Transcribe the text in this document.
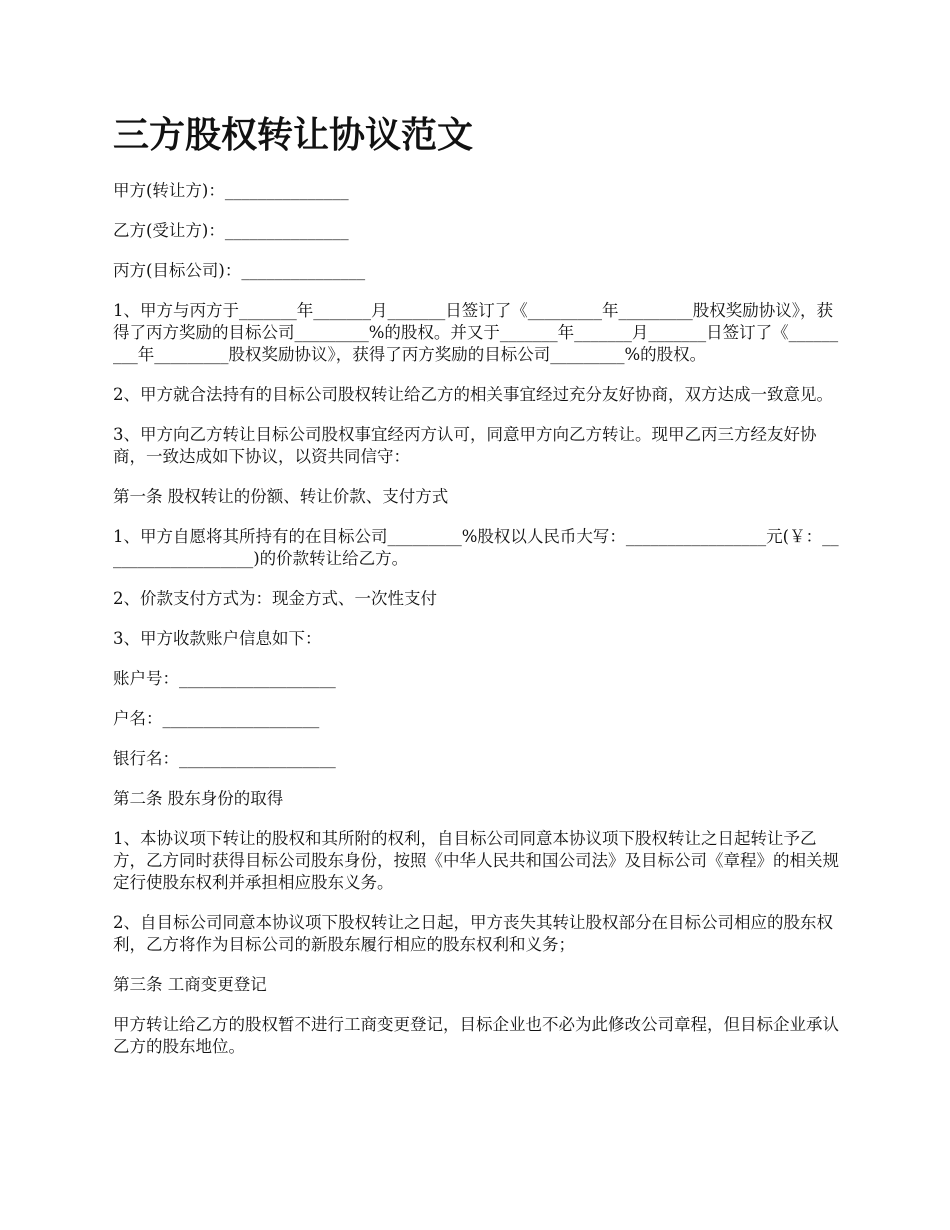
三方股权转让协议范文

甲方(转让方)：_______________

乙方(受让方)：_______________

丙方(目标公司)：_______________

1、甲方与丙方于_______年_______月_______日签订了《_________年_________股权奖励协议》，获得了丙方奖励的目标公司_________%的股权。并又于_______年_______月_______日签订了《_________年_________股权奖励协议》，获得了丙方奖励的目标公司_________%的股权。

2、甲方就合法持有的目标公司股权转让给乙方的相关事宜经过充分友好协商，双方达成一致意见。

3、甲方向乙方转让目标公司股权事宜经丙方认可，同意甲方向乙方转让。现甲乙丙三方经友好协商，一致达成如下协议，以资共同信守：

第一条 股权转让的份额、转让价款、支付方式

1、甲方自愿将其所持有的在目标公司_________%股权以人民币大写：_________________元(￥：___________________)的价款转让给乙方。

2、价款支付方式为：现金方式、一次性支付

3、甲方收款账户信息如下：

账户号：___________________

户名：___________________

银行名：___________________

第二条 股东身份的取得

1、本协议项下转让的股权和其所附的权利，自目标公司同意本协议项下股权转让之日起转让予乙方，乙方同时获得目标公司股东身份，按照《中华人民共和国公司法》及目标公司《章程》的相关规定行使股东权利并承担相应股东义务。

2、自目标公司同意本协议项下股权转让之日起，甲方丧失其转让股权部分在目标公司相应的股东权利，乙方将作为目标公司的新股东履行相应的股东权利和义务；

第三条 工商变更登记

甲方转让给乙方的股权暂不进行工商变更登记，目标企业也不必为此修改公司章程，但目标企业承认乙方的股东地位。
